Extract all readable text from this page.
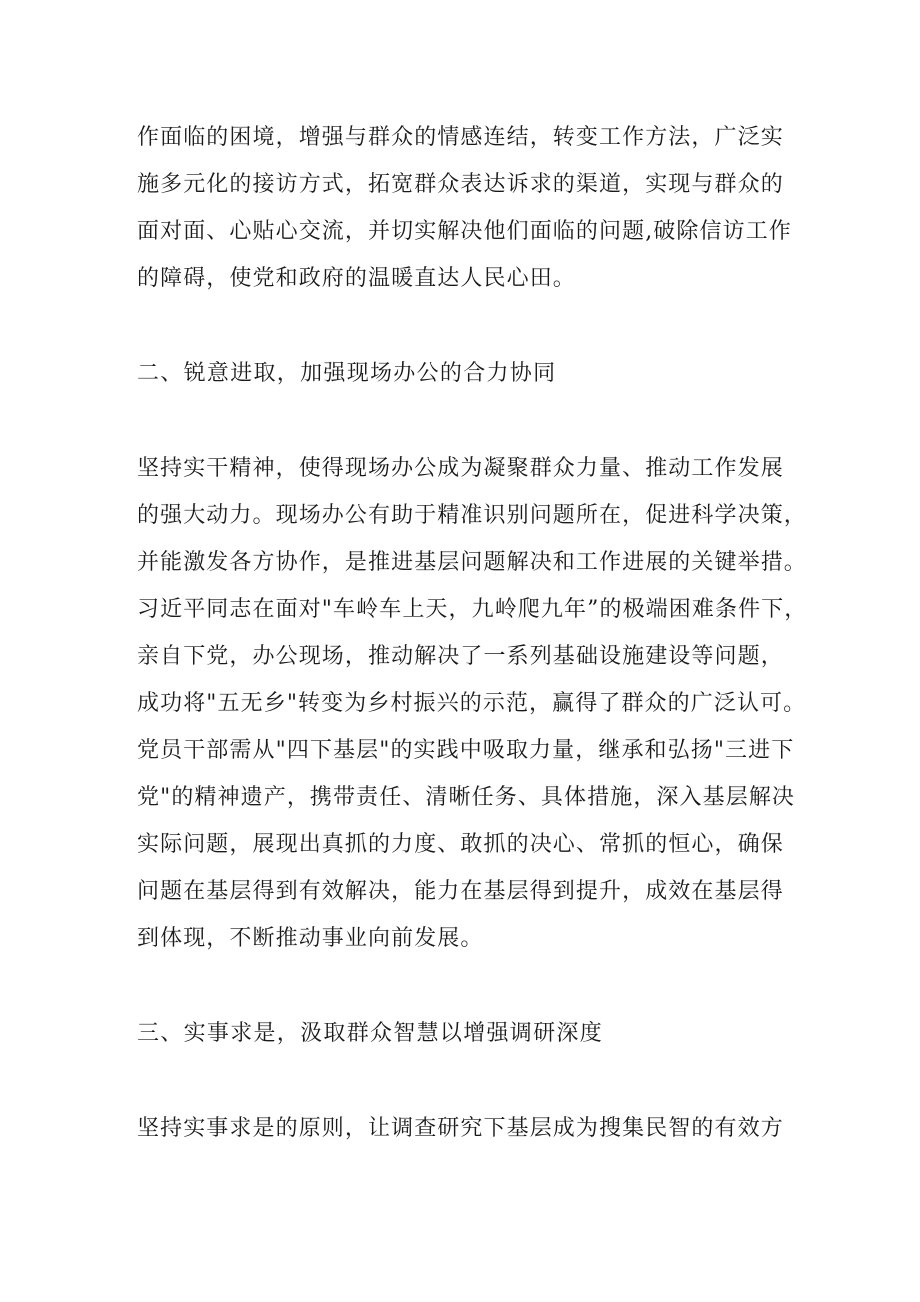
作面临的困境，增强与群众的情感连结，转变工作方法，广泛实
施多元化的接访方式，拓宽群众表达诉求的渠道，实现与群众的
面对面、心贴心交流，并切实解决他们面临的问题,破除信访工作
的障碍，使党和政府的温暖直达人民心田。
二、锐意进取，加强现场办公的合力协同
坚持实干精神，使得现场办公成为凝聚群众力量、推动工作发展
的强大动力。现场办公有助于精准识别问题所在，促进科学决策，
并能激发各方协作，是推进基层问题解决和工作进展的关键举措。
习近平同志在面对"车岭车上天，九岭爬九年”的极端困难条件下，
亲自下党，办公现场，推动解决了一系列基础设施建设等问题，
成功将"五无乡"转变为乡村振兴的示范，赢得了群众的广泛认可。
党员干部需从"四下基层"的实践中吸取力量，继承和弘扬"三进下
党"的精神遗产，携带责任、清晰任务、具体措施，深入基层解决
实际问题，展现出真抓的力度、敢抓的决心、常抓的恒心，确保
问题在基层得到有效解决，能力在基层得到提升，成效在基层得
到体现，不断推动事业向前发展。
三、实事求是，汲取群众智慧以增强调研深度
坚持实事求是的原则，让调查研究下基层成为搜集民智的有效方
